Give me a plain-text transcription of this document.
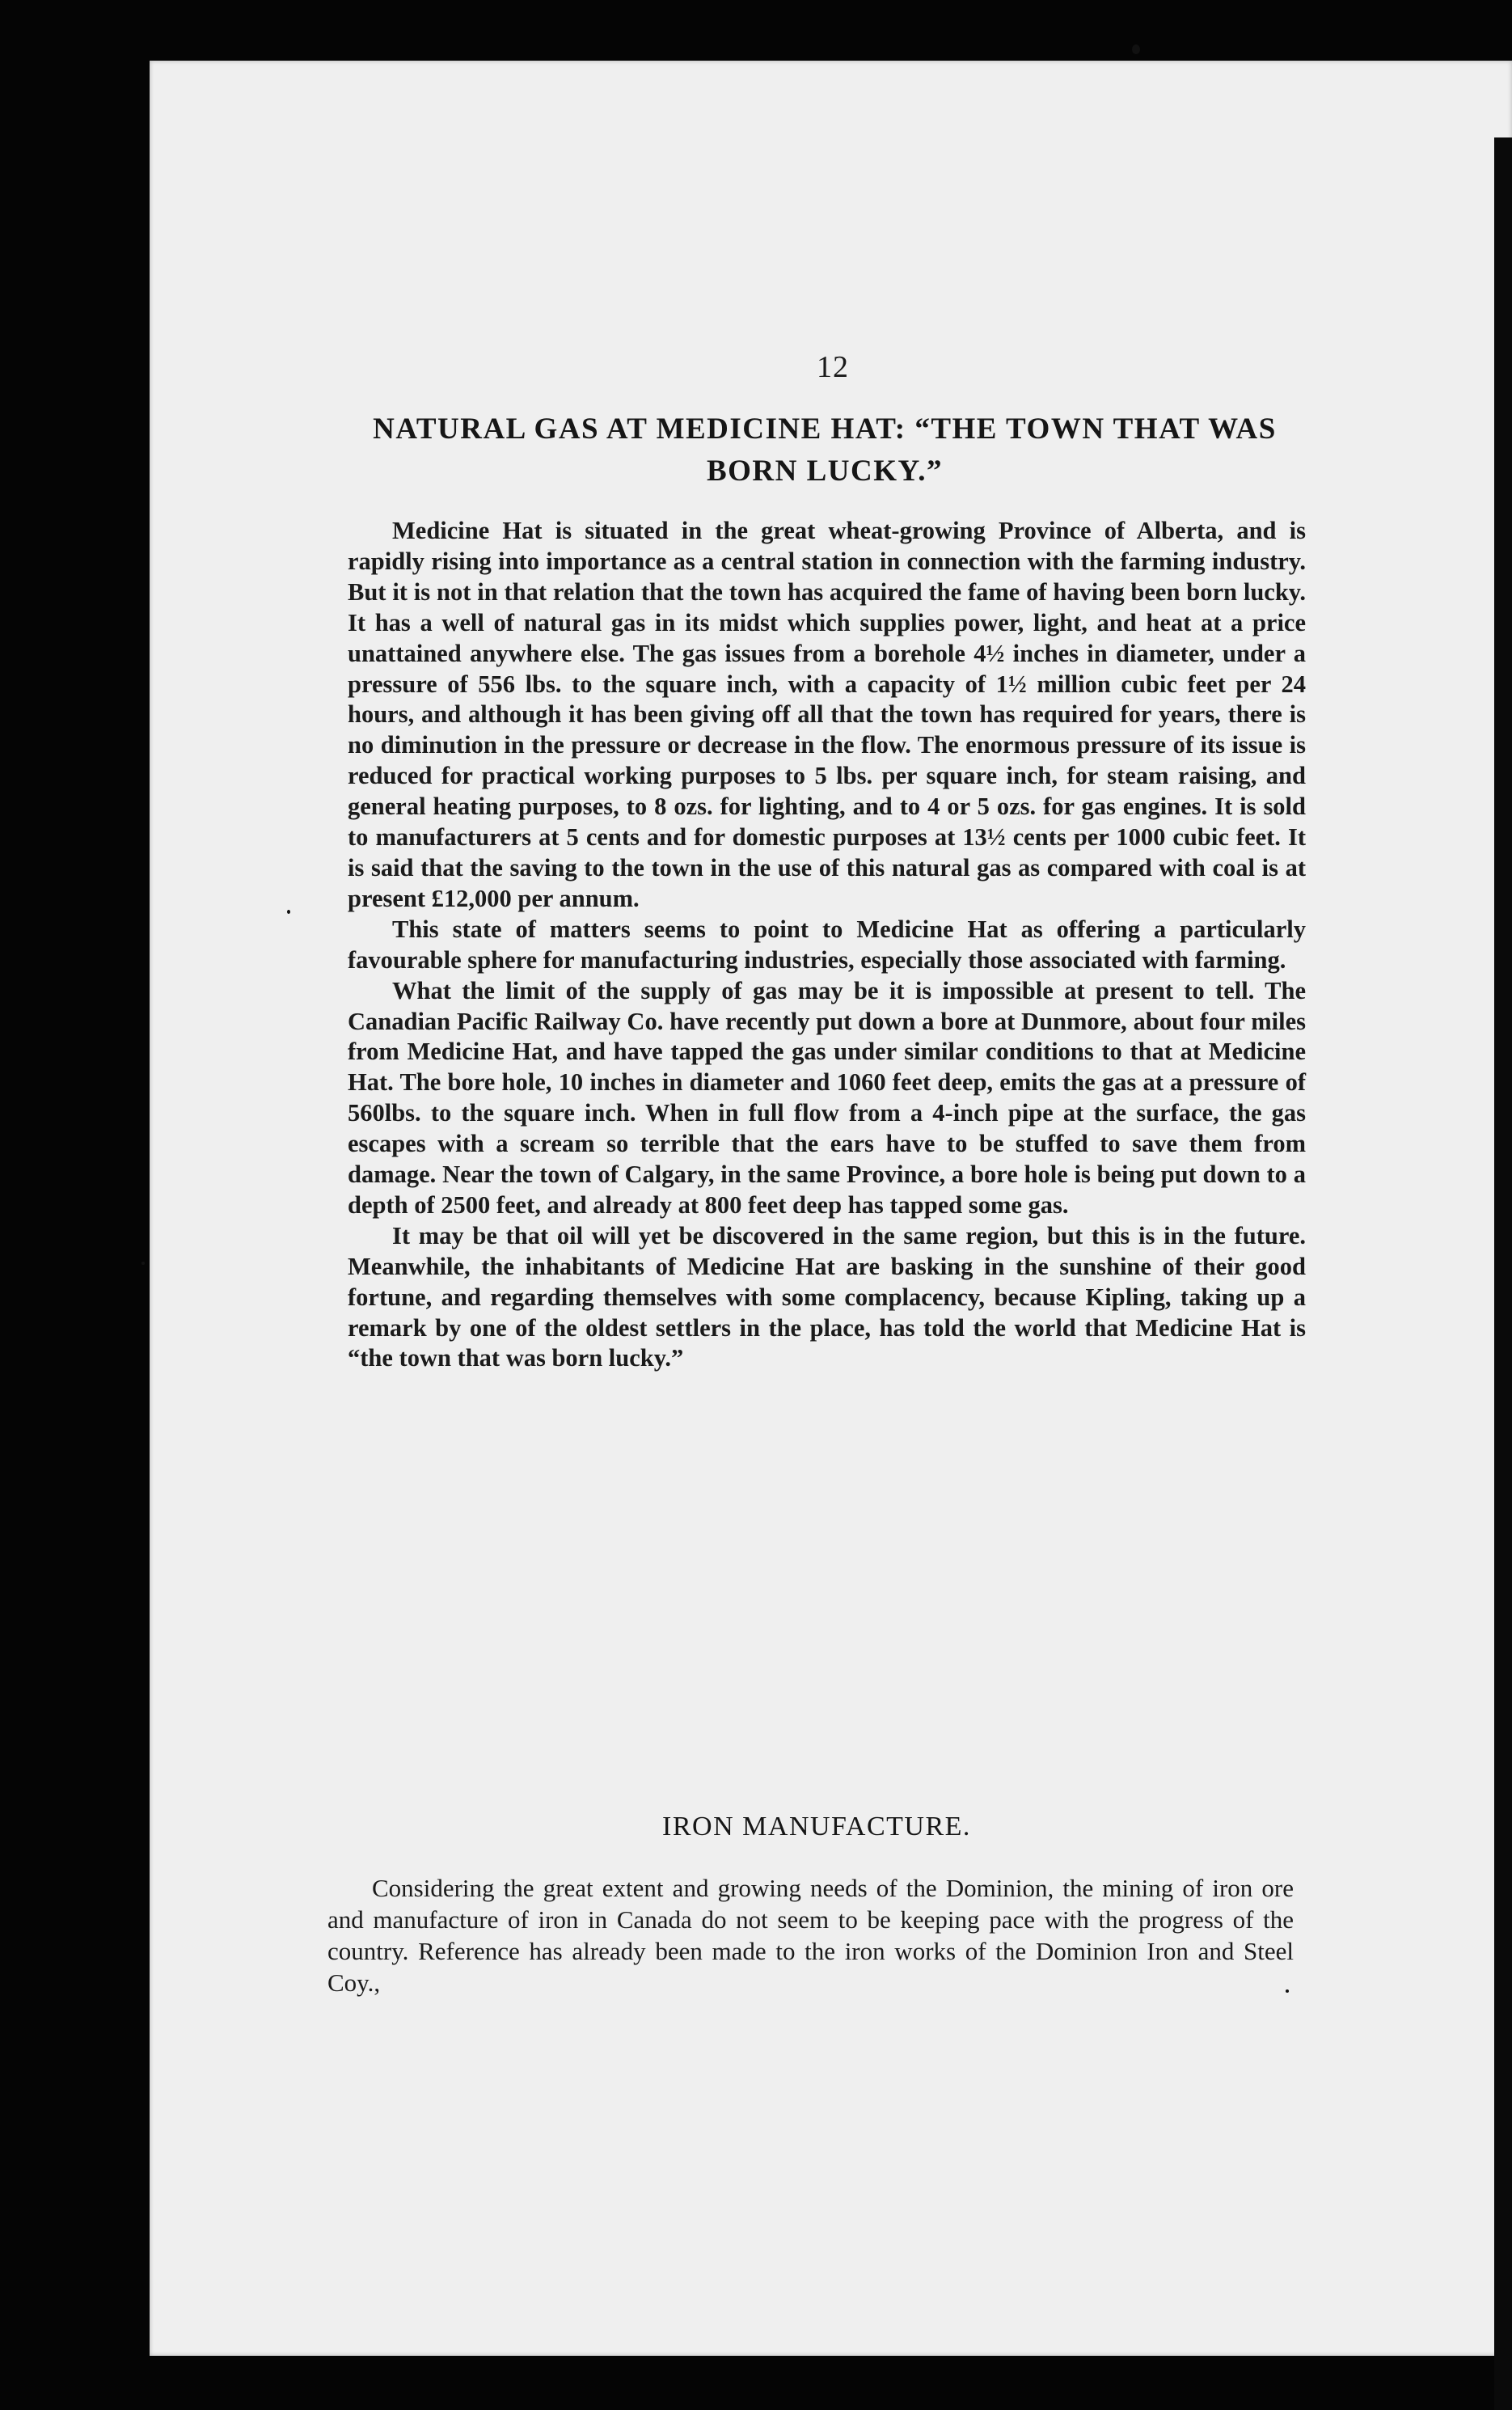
12
NATURAL GAS AT MEDICINE HAT: “THE TOWN THAT WAS BORN LUCKY.”

Medicine Hat is situated in the great wheat-growing Province of Alberta, and is rapidly rising into importance as a central station in connection with the farming industry. But it is not in that relation that the town has acquired the fame of having been born lucky. It has a well of natural gas in its midst which supplies power, light, and heat at a price unattained anywhere else. The gas issues from a borehole 4½ inches in diameter, under a pressure of 556 lbs. to the square inch, with a capacity of 1½ million cubic feet per 24 hours, and although it has been giving off all that the town has required for years, there is no diminution in the pressure or decrease in the flow. The enormous pressure of its issue is reduced for practical working purposes to 5 lbs. per square inch, for steam raising, and general heating purposes, to 8 ozs. for lighting, and to 4 or 5 ozs. for gas engines. It is sold to manufacturers at 5 cents and for domestic purposes at 13½ cents per 1000 cubic feet. It is said that the saving to the town in the use of this natural gas as compared with coal is at present £12,000 per annum.

This state of matters seems to point to Medicine Hat as offering a particularly favourable sphere for manufacturing industries, especially those associated with farming.

What the limit of the supply of gas may be it is impossible at present to tell. The Canadian Pacific Railway Co. have recently put down a bore at Dunmore, about four miles from Medicine Hat, and have tapped the gas under similar conditions to that at Medicine Hat. The bore hole, 10 inches in diameter and 1060 feet deep, emits the gas at a pressure of 560lbs. to the square inch. When in full flow from a 4-inch pipe at the surface, the gas escapes with a scream so terrible that the ears have to be stuffed to save them from damage. Near the town of Calgary, in the same Province, a bore hole is being put down to a depth of 2500 feet, and already at 800 feet deep has tapped some gas.

It may be that oil will yet be discovered in the same region, but this is in the future. Meanwhile, the inhabitants of Medicine Hat are basking in the sunshine of their good fortune, and regarding themselves with some complacency, because Kipling, taking up a remark by one of the oldest settlers in the place, has told the world that Medicine Hat is “the town that was born lucky.”

IRON MANUFACTURE.

Considering the great extent and growing needs of the Dominion, the mining of iron ore and manufacture of iron in Canada do not seem to be keeping pace with the progress of the country. Reference has already been made to the iron works of the Dominion Iron and Steel Coy.,
